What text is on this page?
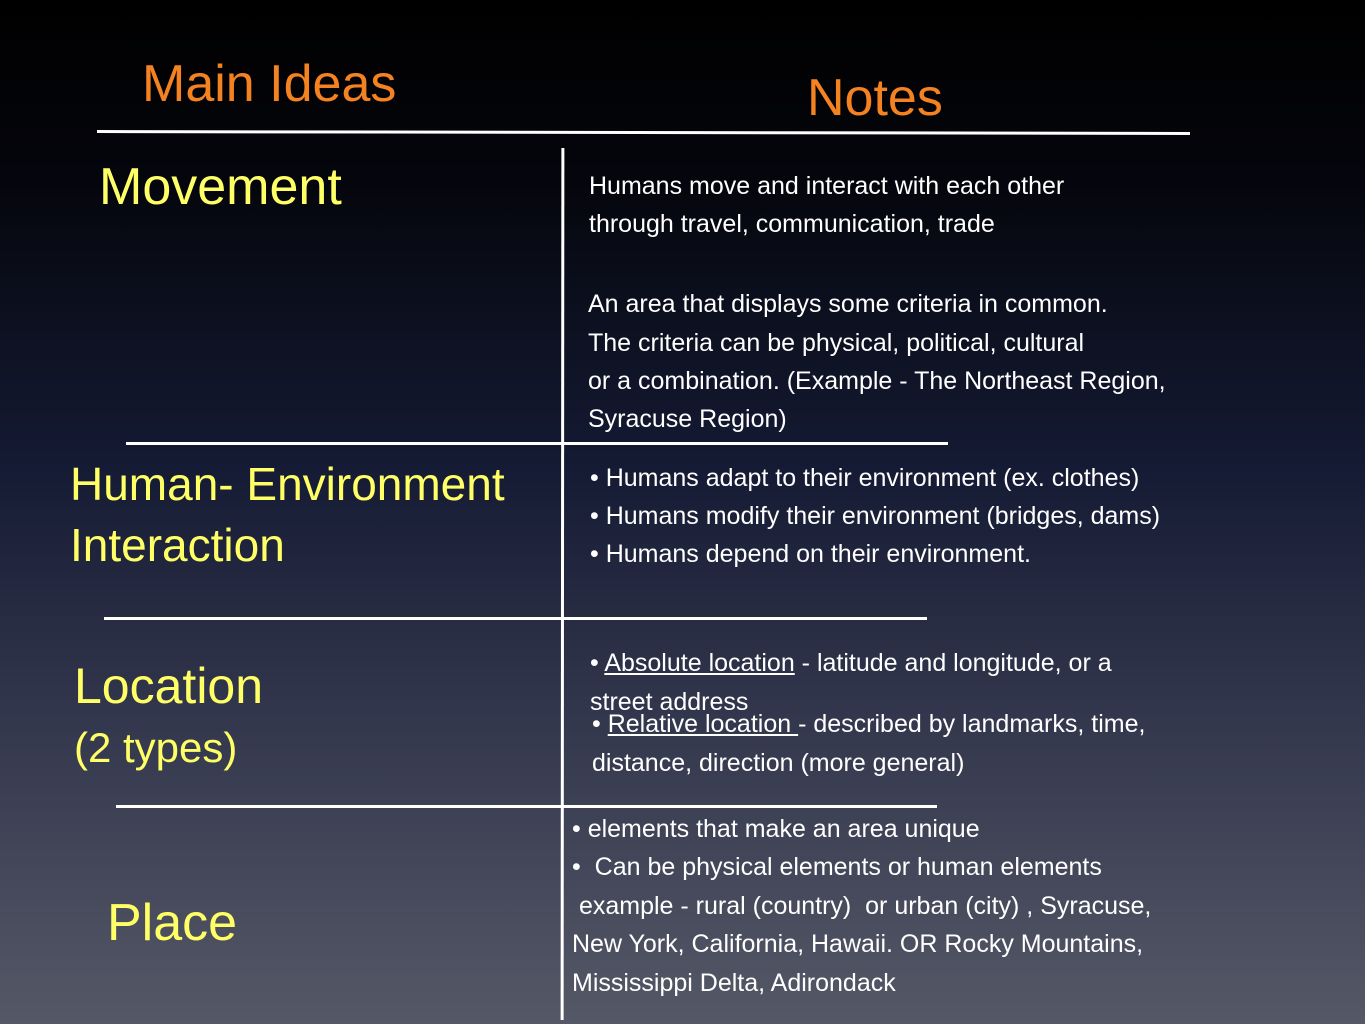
Main Ideas	Notes
Movement	Humans move and interact with each other
through travel, communication, trade
An area that displays some criteria in common.
The criteria can be physical, political, cultural
or a combination. (Example - The Northeast Region,
Syracuse Region)
Human- Environment
Interaction
• Humans adapt to their environment (ex. clothes)
• Humans modify their environment (bridges, dams)
• Humans depend on their environment.
Location
(2 types)
• Absolute location - latitude and longitude, or a
street address
• Relative location - described by landmarks, time,
distance, direction (more general)
Place
• elements that make an area unique
•  Can be physical elements or human elements
example - rural (country)  or urban (city) , Syracuse,
New York, California, Hawaii. OR Rocky Mountains,
Mississippi Delta, Adirondack
